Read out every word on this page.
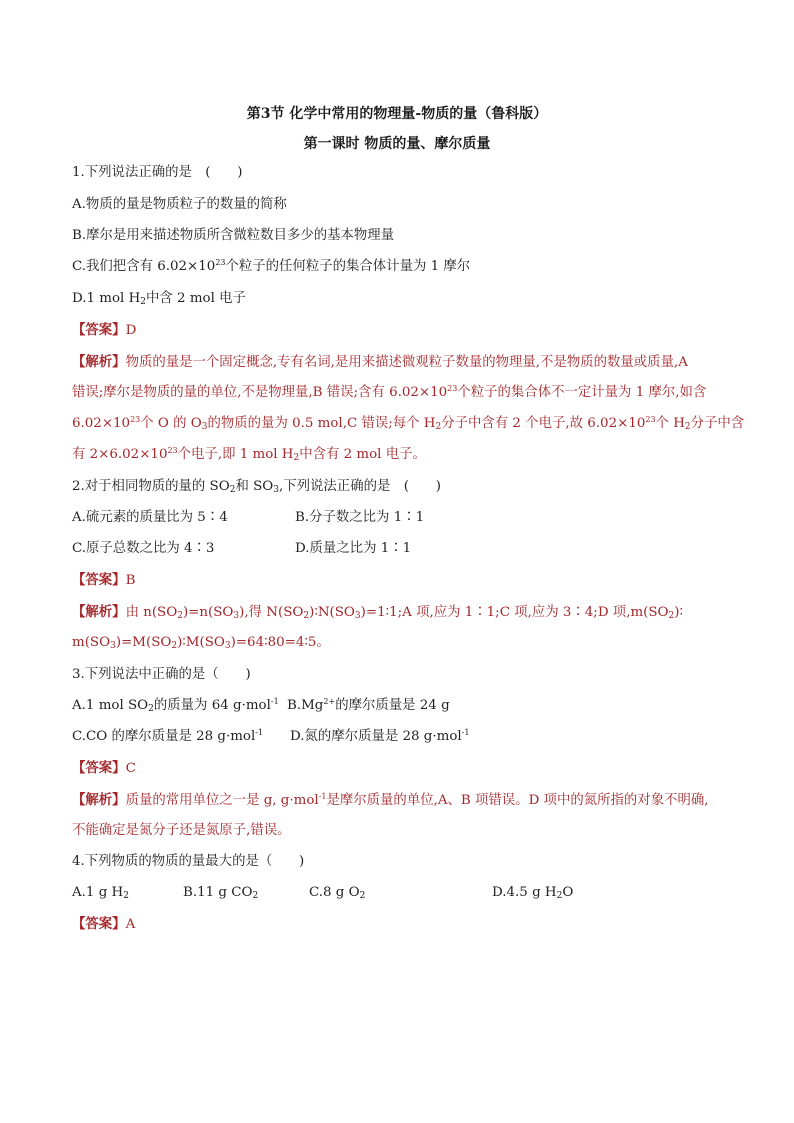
第3节 化学中常用的物理量-物质的量（鲁科版）
第一课时 物质的量、摩尔质量
1.下列说法正确的是　(　　)
A.物质的量是物质粒子的数量的简称
B.摩尔是用来描述物质所含微粒数目多少的基本物理量
C.我们把含有 $6.02\times 10^{23}$个粒子的任何粒子的集合体计量为 1 摩尔
D.1 mol $H_2$中含 2 mol 电子
【答案】D
【解析】物质的量是一个固定概念,专有名词,是用来描述微观粒子数量的物理量,不是物质的数量或质量,A
错误;摩尔是物质的量的单位,不是物理量,B 错误;含有 $6.02\times 10^{23}$个粒子的集合体不一定计量为 1 摩尔,如含
$6.02\times 10^{23}$个 O 的 $O_3$的物质的量为 0.5 mol,C 错误;每个 $H_2$分子中含有 2 个电子,故 $6.02\times 10^{23}$个 $H_2$分子中含
有 $2\times 6.02\times 10^{23}$个电子,即 1 mol $H_2$中含有 2 mol 电子。
2.对于相同物质的量的 $SO_2$和 $SO_3$,下列说法正确的是　(　　)
A.硫元素的质量比为 5∶4	B.分子数之比为 1∶1
C.原子总数之比为 4∶3	D.质量之比为 1∶1
【答案】B
【解析】由 $n(SO_2)=n(SO_3)$,得 $N(SO_2)∶N(SO_3)=1∶1;A$ 项,应为 1∶1;C 项,应为 3∶4;D 项$,m(SO_2)∶$
$m(SO_3)=M(SO_2)∶M(SO_3)=64∶80=4∶5$。
3.下列说法中正确的是（　　)
A.1 mol $SO_2$的质量为 64 g·mol$^{-1}$ $B.Mg^{2+}$的摩尔质量是 24 g
C.CO 的摩尔质量是 28 g·mol$^{-1}$ D.氮的摩尔质量是 28 g·mol$^{-1}$
【答案】C
【解析】质量的常用单位之一是 g, g·mol$^{-1}$是摩尔质量的单位,A、B 项错误。D 项中的氮所指的对象不明确,
不能确定是氮分子还是氮原子,错误。
4.下列物质的物质的量最大的是（　　)
A.1 g $H_2$	B.11 g $CO_2$	C.8 g $O_2$	D.4.5 g $H_2O$
【答案】A
